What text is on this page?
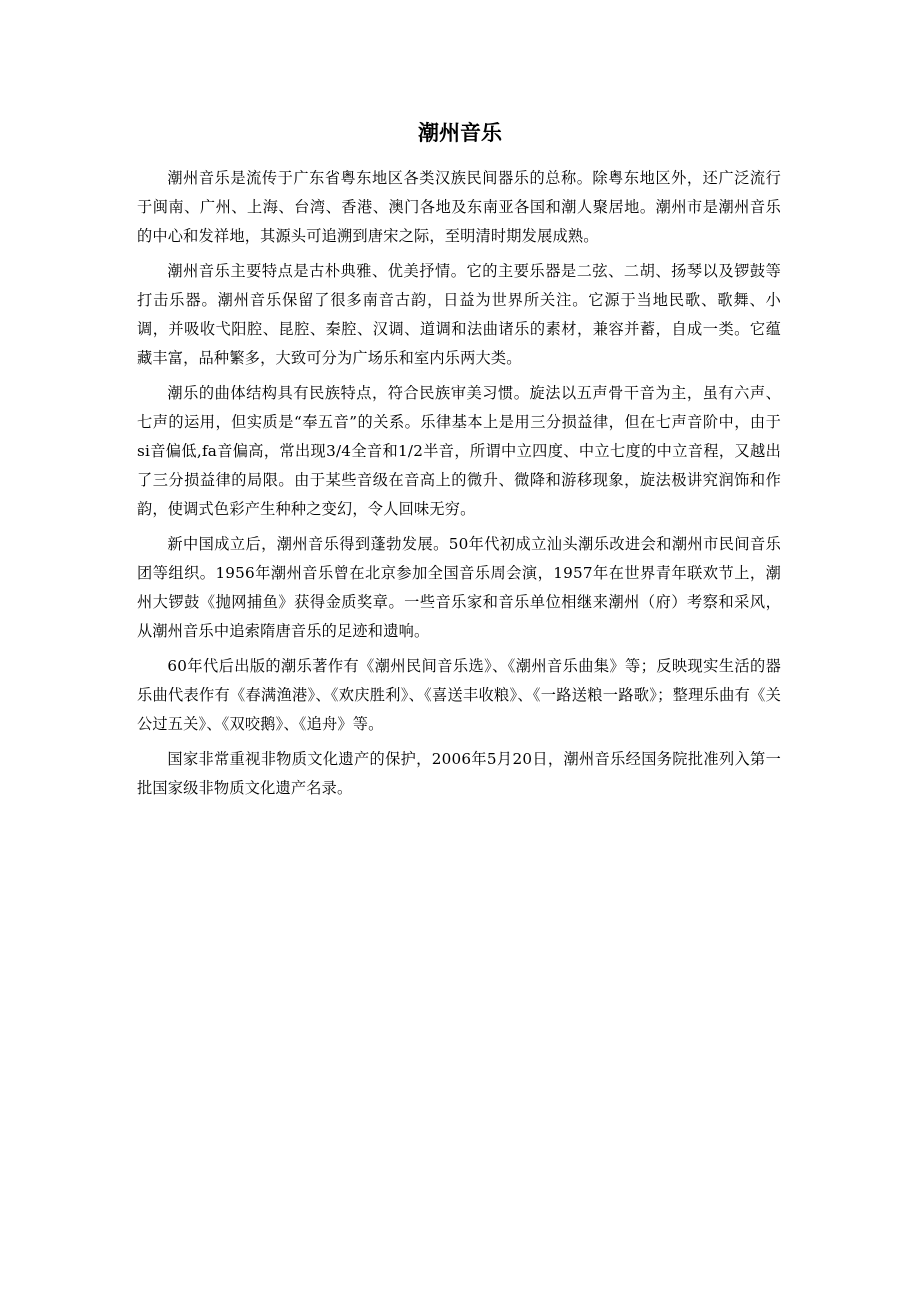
潮州音乐

潮州音乐是流传于广东省粤东地区各类汉族民间器乐的总称。除粤东地区外，还广泛流行于闽南、广州、上海、台湾、香港、澳门各地及东南亚各国和潮人聚居地。潮州市是潮州音乐的中心和发祥地，其源头可追溯到唐宋之际，至明清时期发展成熟。

潮州音乐主要特点是古朴典雅、优美抒情。它的主要乐器是二弦、二胡、扬琴以及锣鼓等打击乐器。潮州音乐保留了很多南音古韵，日益为世界所关注。它源于当地民歌、歌舞、小调，并吸收弋阳腔、昆腔、秦腔、汉调、道调和法曲诸乐的素材，兼容并蓄，自成一类。它蕴藏丰富，品种繁多，大致可分为广场乐和室内乐两大类。

潮乐的曲体结构具有民族特点，符合民族审美习惯。旋法以五声骨干音为主，虽有六声、七声的运用，但实质是“奉五音”的关系。乐律基本上是用三分损益律，但在七声音阶中，由于si音偏低,fa音偏高，常出现3/4全音和1/2半音，所谓中立四度、中立七度的中立音程，又越出了三分损益律的局限。由于某些音级在音高上的微升、微降和游移现象，旋法极讲究润饰和作韵，使调式色彩产生种种之变幻，令人回味无穷。

新中国成立后，潮州音乐得到蓬勃发展。50年代初成立汕头潮乐改进会和潮州市民间音乐团等组织。1956年潮州音乐曾在北京参加全国音乐周会演，1957年在世界青年联欢节上，潮州大锣鼓《抛网捕鱼》获得金质奖章。一些音乐家和音乐单位相继来潮州（府）考察和采风，从潮州音乐中追索隋唐音乐的足迹和遗响。

60年代后出版的潮乐著作有《潮州民间音乐选》、《潮州音乐曲集》等；反映现实生活的器乐曲代表作有《春满渔港》、《欢庆胜利》、《喜送丰收粮》、《一路送粮一路歌》；整理乐曲有《关公过五关》、《双咬鹅》、《追舟》等。

国家非常重视非物质文化遗产的保护，2006年5月20日，潮州音乐经国务院批准列入第一批国家级非物质文化遗产名录。
